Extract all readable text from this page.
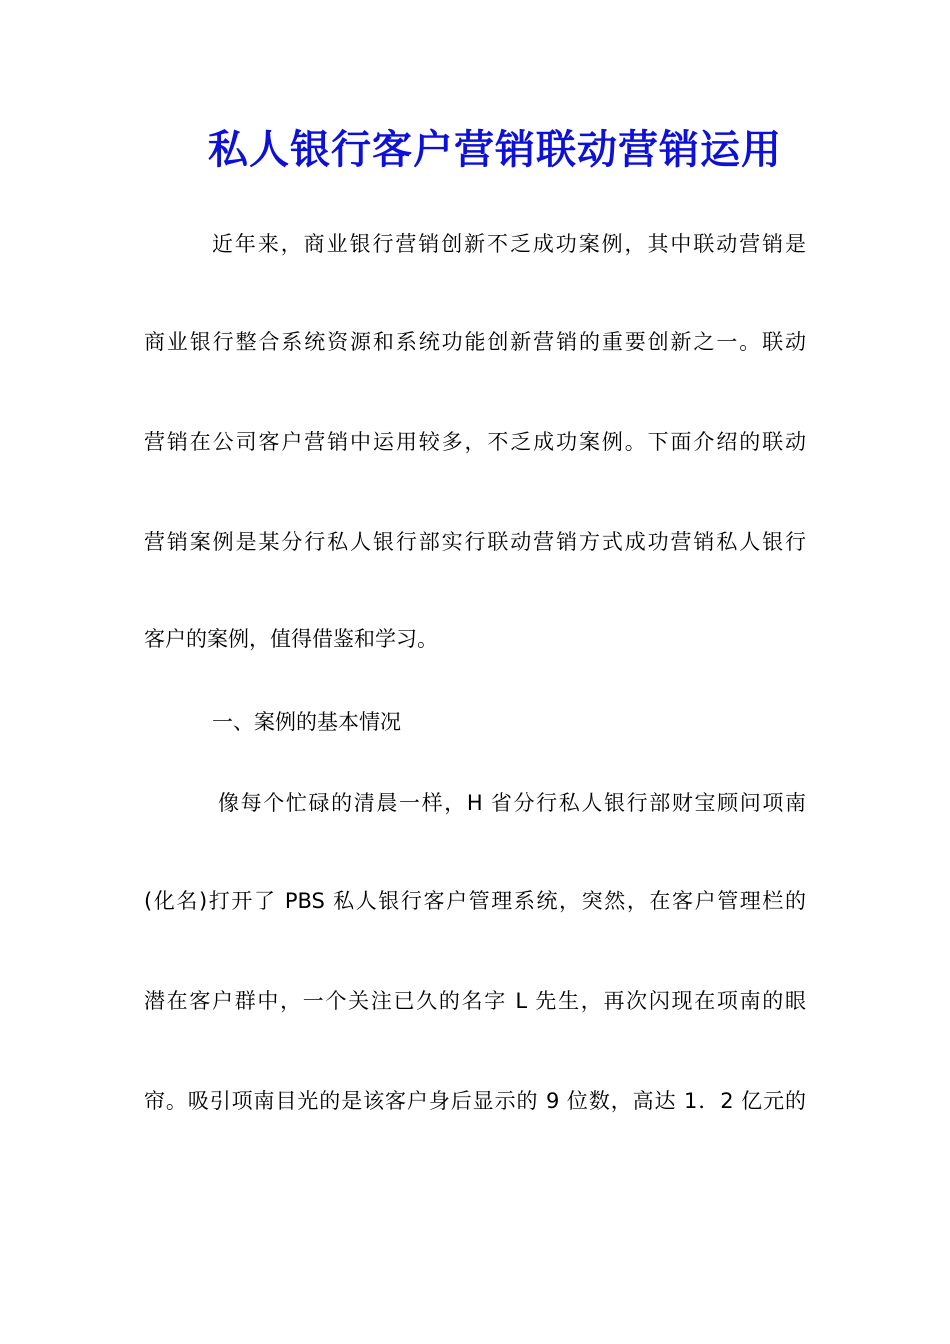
私人银行客户营销联动营销运用
近年来，商业银行营销创新不乏成功案例，其中联动营销是
商业银行整合系统资源和系统功能创新营销的重要创新之一。联动
营销在公司客户营销中运用较多，不乏成功案例。下面介绍的联动
营销案例是某分行私人银行部实行联动营销方式成功营销私人银行
客户的案例，值得借鉴和学习。
一、案例的基本情况
像每个忙碌的清晨一样，H 省分行私人银行部财宝顾问项南
(化名)打开了 PBS 私人银行客户管理系统，突然，在客户管理栏的
潜在客户群中，一个关注已久的名字 L 先生，再次闪现在项南的眼
帘。吸引项南目光的是该客户身后显示的 9 位数，高达 1．2 亿元的
